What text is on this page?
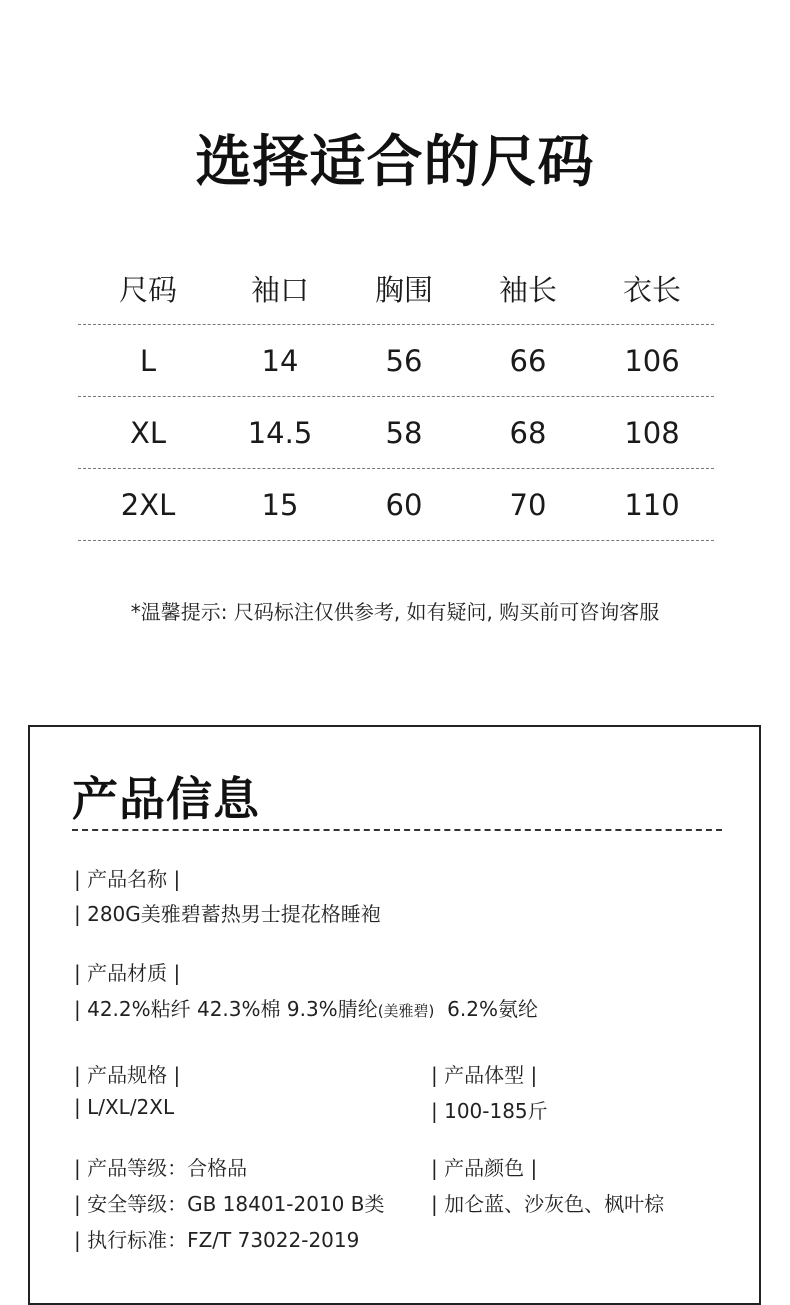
选择适合的尺码
尺码	袖口	胸围	袖长	衣长
L	14	56	66	106
XL	14.5	58	68	108
2XL	15	60	70	110
*温馨提示: 尺码标注仅供参考, 如有疑问, 购买前可咨询客服
产品信息
| 产品名称 |
| 280G美雅碧蓄热男士提花格睡袍
| 产品材质 |
| 42.2%粘纤 42.3%棉 9.3%腈纶(美雅碧) 6.2%氨纶
| 产品规格 |
| L/XL/2XL
| 产品体型 |
| 100-185斤
| 产品等级：合格品
| 安全等级：GB 18401-2010 B类
| 执行标准：FZ/T 73022-2019
| 产品颜色 |
| 加仑蓝、沙灰色、枫叶棕
